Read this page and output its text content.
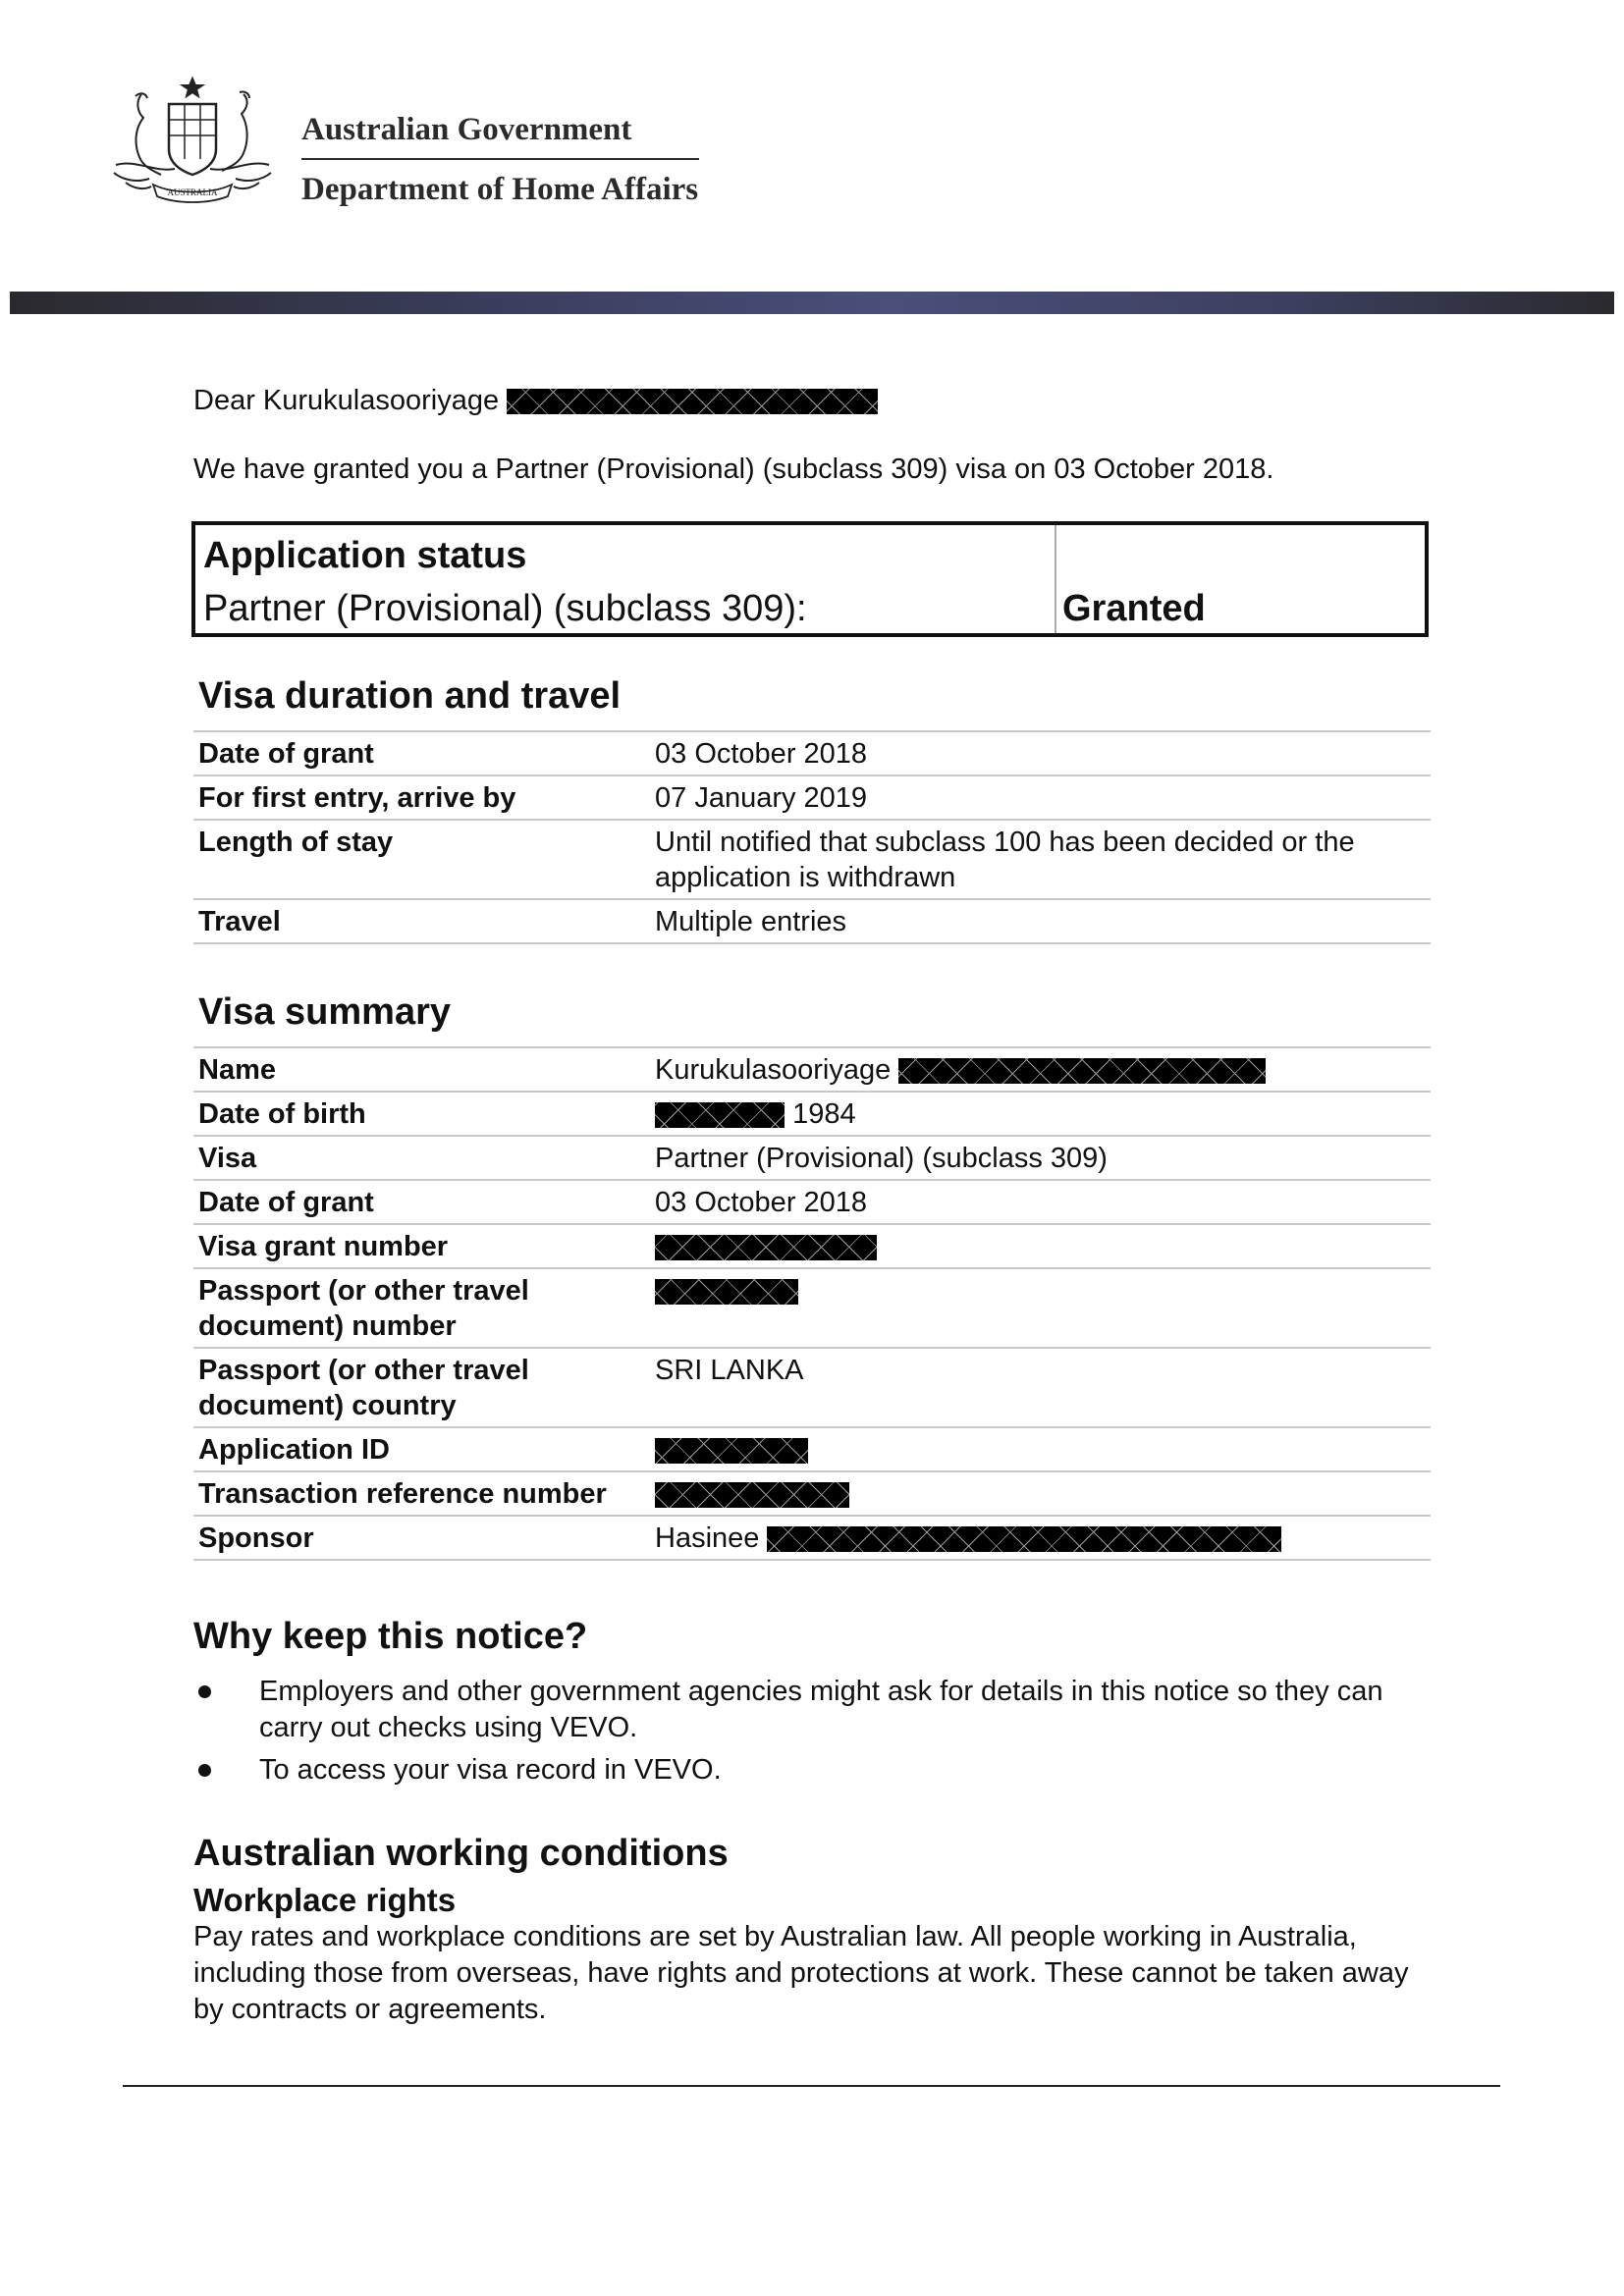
AUSTRALIA
Australian Government
Department of Home Affairs
Dear Kurukulasooriyage
We have granted you a Partner (Provisional) (subclass 309) visa on 03 October 2018.
Application status
Partner (Provisional) (subclass 309):	Granted
Visa duration and travel
Date of grant	03 October 2018
For first entry, arrive by	07 January 2019
Length of stay	Until notified that subclass 100 has been decided or the application is withdrawn
Travel	Multiple entries
Visa summary
Name	Kurukulasooriyage
Date of birth	1984
Visa	Partner (Provisional) (subclass 309)
Date of grant	03 October 2018
Visa grant number	
Passport (or other travel document) number	
Passport (or other travel document) country	SRI LANKA
Application ID	
Transaction reference number	
Sponsor	Hasinee
Why keep this notice?
Employers and other government agencies might ask for details in this notice so they can carry out checks using VEVO.
To access your visa record in VEVO.
Australian working conditions
Workplace rights
Pay rates and workplace conditions are set by Australian law. All people working in Australia, including those from overseas, have rights and protections at work. These cannot be taken away by contracts or agreements.
